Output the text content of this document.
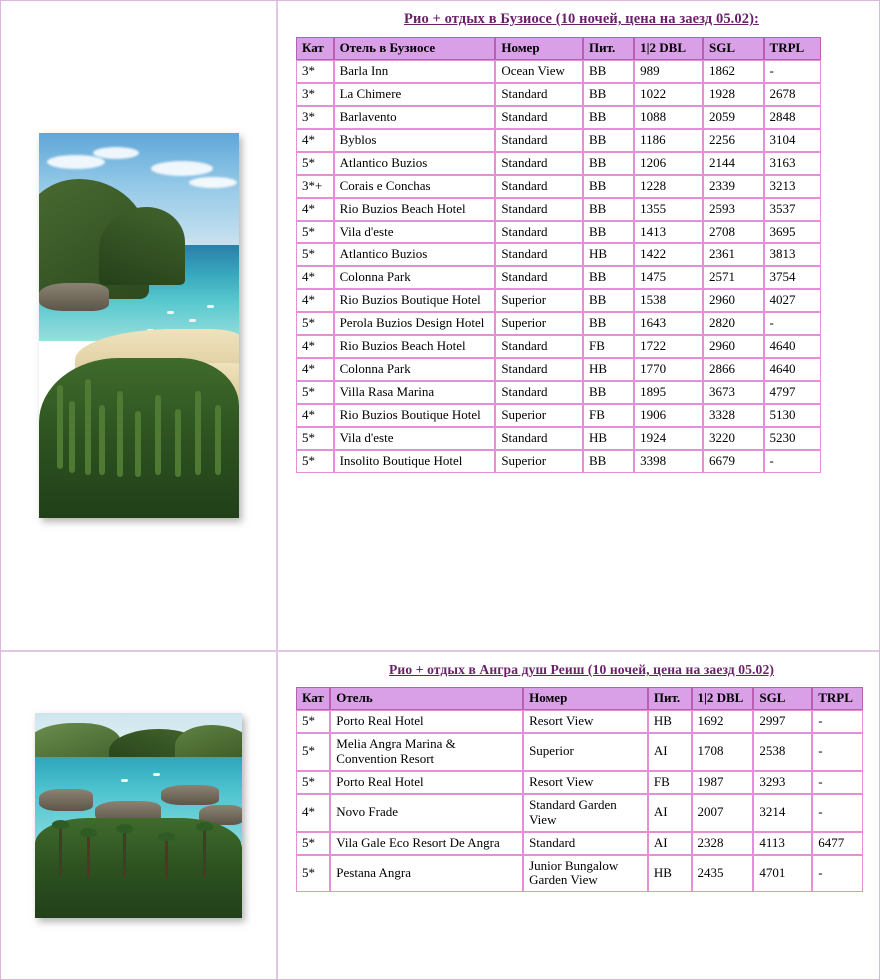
Рио + отдых в Бузиосе (10 ночей, цена на заезд 05.02):
Кат	Отель в Бузиосе	Номер	Пит.	1|2 DBL	SGL	TRPL
3*	Barla Inn	Ocean View	BB	989	1862	-
3*	La Chimere	Standard	BB	1022	1928	2678
3*	Barlavento	Standard	BB	1088	2059	2848
4*	Byblos	Standard	BB	1186	2256	3104
5*	Atlantico Buzios	Standard	BB	1206	2144	3163
3*+	Corais e Conchas	Standard	BB	1228	2339	3213
4*	Rio Buzios Beach Hotel	Standard	BB	1355	2593	3537
5*	Vila d'este	Standard	BB	1413	2708	3695
5*	Atlantico Buzios	Standard	HB	1422	2361	3813
4*	Colonna Park	Standard	BB	1475	2571	3754
4*	Rio Buzios Boutique Hotel	Superior	BB	1538	2960	4027
5*	Perola Buzios Design Hotel	Superior	BB	1643	2820	-
4*	Rio Buzios Beach Hotel	Standard	FB	1722	2960	4640
4*	Colonna Park	Standard	HB	1770	2866	4640
5*	Villa Rasa Marina	Standard	BB	1895	3673	4797
4*	Rio Buzios Boutique Hotel	Superior	FB	1906	3328	5130
5*	Vila d'este	Standard	HB	1924	3220	5230
5*	Insolito Boutique Hotel	Superior	BB	3398	6679	-
Рио + отдых в Ангра душ Реиш (10 ночей, цена на заезд 05.02)
Кат	Отель	Номер	Пит.	1|2 DBL	SGL	TRPL
5*	Porto Real Hotel	Resort View	HB	1692	2997	-
5*	Melia Angra Marina & Convention Resort	Superior	AI	1708	2538	-
5*	Porto Real Hotel	Resort View	FB	1987	3293	-
4*	Novo Frade	Standard Garden View	AI	2007	3214	-
5*	Vila Gale Eco Resort De Angra	Standard	AI	2328	4113	6477
5*	Pestana Angra	Junior Bungalow Garden View	HB	2435	4701	-
